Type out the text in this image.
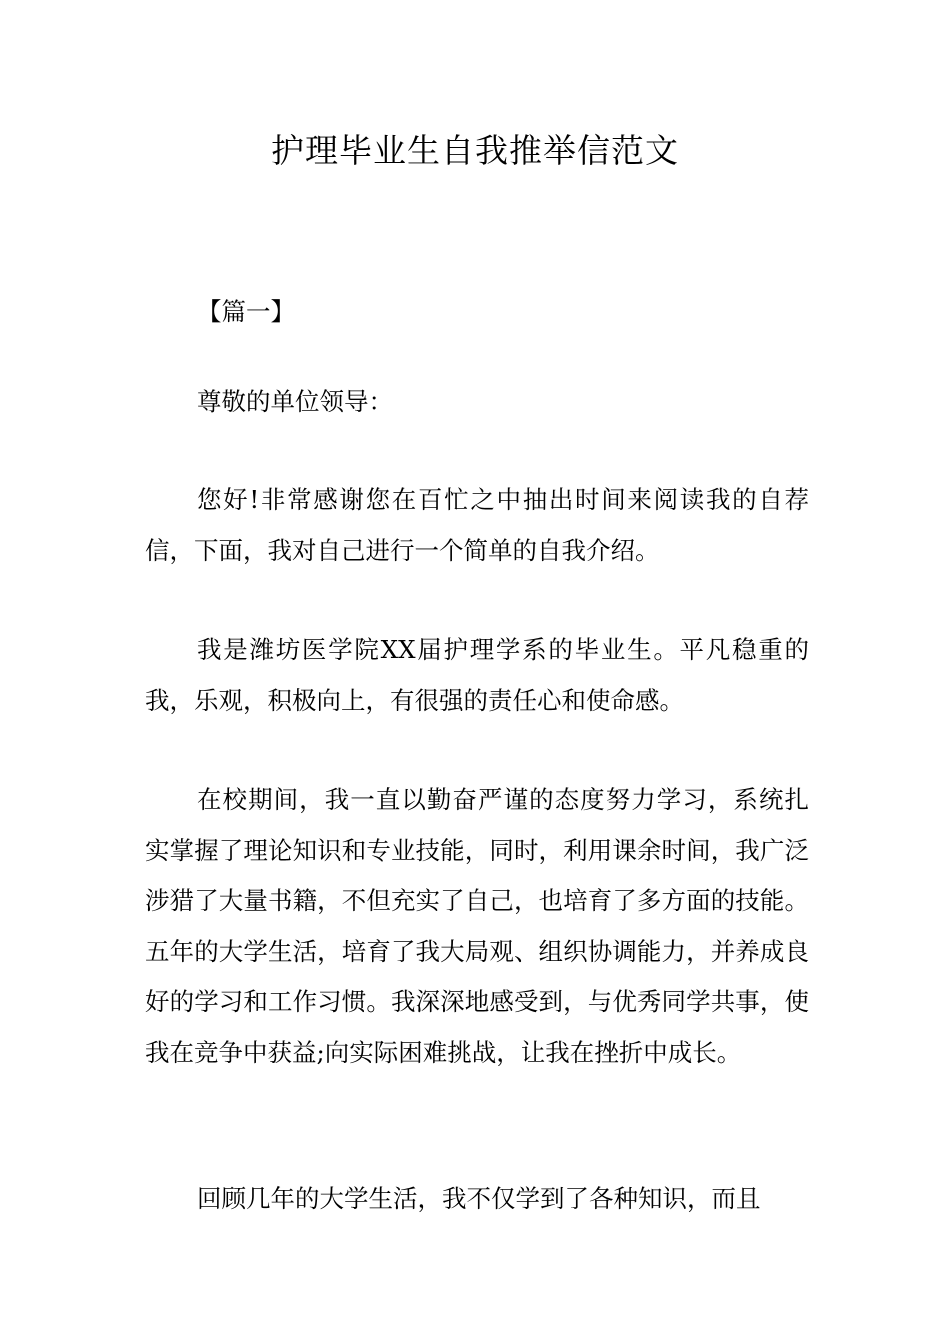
护理毕业生自我推举信范文

【篇一】

尊敬的单位领导：

您好!非常感谢您在百忙之中抽出时间来阅读我的自荐信，下面，我对自己进行一个简单的自我介绍。

我是潍坊医学院XX届护理学系的毕业生。平凡稳重的我，乐观，积极向上，有很强的责任心和使命感。

在校期间，我一直以勤奋严谨的态度努力学习，系统扎实掌握了理论知识和专业技能，同时，利用课余时间，我广泛涉猎了大量书籍，不但充实了自己，也培育了多方面的技能。五年的大学生活，培育了我大局观、组织协调能力，并养成良好的学习和工作习惯。我深深地感受到，与优秀同学共事，使我在竞争中获益;向实际困难挑战，让我在挫折中成长。

回顾几年的大学生活，我不仅学到了各种知识，而且
